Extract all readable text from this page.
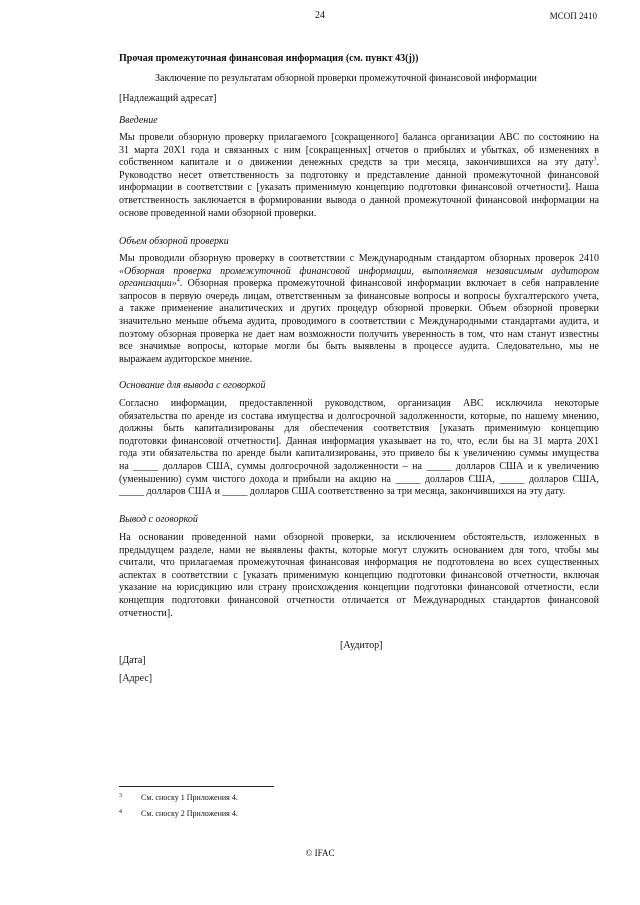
24	МСОП 2410
Прочая промежуточная финансовая информация (см. пункт 43(j))
Заключение по результатам обзорной проверки промежуточной финансовой информации
[Надлежащий адресат]
Введение
Мы провели обзорную проверку прилагаемого [сокращенного] баланса организации ABC по состоянию на
31 марта 20X1 года и связанных с ним [сокращенных] отчетов о прибылях и убытках, об изменениях в
собственном капитале и о движении денежных средств за три месяца, закончившихся на эту дату$^3$.
Руководство несет ответственность за подготовку и представление данной промежуточной финансовой
информации в соответствии с [указать применимую концепцию подготовки финансовой отчетности]. Наша
ответственность заключается в формировании вывода о данной промежуточной финансовой информации на
основе проведенной нами обзорной проверки.
Объем обзорной проверки
Мы проводили обзорную проверку в соответствии с Международным стандартом обзорных проверок 2410
«Обзорная проверка промежуточной финансовой информации, выполняемая независимым аудитором
организации»$^4$. Обзорная проверка промежуточной финансовой информации включает в себя направление
запросов в первую очередь лицам, ответственным за финансовые вопросы и вопросы бухгалтерского учета,
а также применение аналитических и других процедур обзорной проверки. Объем обзорной проверки
значительно меньше объема аудита, проводимого в соответствии с Международными стандартами аудита, и
поэтому обзорная проверка не дает нам возможности получить уверенность в том, что нам станут известны
все значимые вопросы, которые могли бы быть выявлены в процессе аудита. Следовательно, мы не
выражаем аудиторское мнение.
Основание для вывода с оговоркой
Согласно информации, предоставленной руководством, организация ABC исключила некоторые
обязательства по аренде из состава имущества и долгосрочной задолженности, которые, по нашему мнению,
должны быть капитализированы для обеспечения соответствия [указать применимую концепцию
подготовки финансовой отчетности]. Данная информация указывает на то, что, если бы на 31 марта 20X1
года эти обязательства по аренде были капитализированы, это привело бы к увеличению суммы имущества
на _____ долларов США, суммы долгосрочной задолженности – на _____ долларов США и к увеличению
(уменьшению) сумм чистого дохода и прибыли на акцию на _____ долларов США, _____ долларов США,
_____ долларов США и _____ долларов США соответственно за три месяца, закончившихся на эту дату.
Вывод с оговоркой
На основании проведенной нами обзорной проверки, за исключением обстоятельств, изложенных в
предыдущем разделе, нами не выявлены факты, которые могут служить основанием для того, чтобы мы
считали, что прилагаемая промежуточная финансовая информация не подготовлена во всех существенных
аспектах в соответствии с [указать применимую концепцию подготовки финансовой отчетности, включая
указание на юрисдикцию или страну происхождения концепции подготовки финансовой отчетности, если
концепция подготовки финансовой отчетности отличается от Международных стандартов финансовой
отчетности].
[Аудитор]
[Дата]
[Адрес]
3 См. сноску 1 Приложения 4.
4 См. сноску 2 Приложения 4.
© IFAC
